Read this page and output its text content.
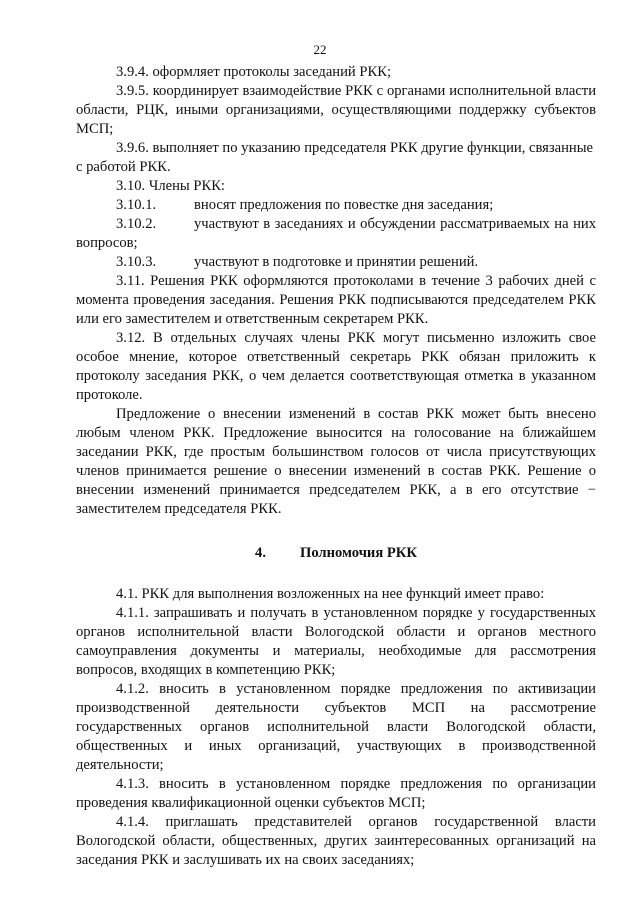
22

3.9.4. оформляет протоколы заседаний РКК;

3.9.5. координирует взаимодействие РКК с органами исполнительной власти области, РЦК, иными организациями, осуществляющими поддержку субъектов МСП;

3.9.6. выполняет по указанию председателя РКК другие функции, связанные с работой РКК.

3.10. Члены РКК:

3.10.1.	вносят предложения по повестке дня заседания;

3.10.2.	участвуют в заседаниях и обсуждении рассматриваемых на них вопросов;

3.10.3.	участвуют в подготовке и принятии решений.

3.11. Решения РКК оформляются протоколами в течение 3 рабочих дней с момента проведения заседания. Решения РКК подписываются председателем РКК или его заместителем и ответственным секретарем РКК.

3.12. В отдельных случаях члены РКК могут письменно изложить свое особое мнение, которое ответственный секретарь РКК обязан приложить к протоколу заседания РКК, о чем делается соответствующая отметка в указанном протоколе.

Предложение о внесении изменений в состав РКК может быть внесено любым членом РКК. Предложение выносится на голосование на ближайшем заседании РКК, где простым большинством голосов от числа присутствующих членов принимается решение о внесении изменений в состав РКК. Решение о внесении изменений принимается председателем РКК, а в его отсутствие − заместителем председателя РКК.

4. Полномочия РКК

4.1. РКК для выполнения возложенных на нее функций имеет право:

4.1.1. запрашивать и получать в установленном порядке у государственных органов исполнительной власти Вологодской области и органов местного самоуправления документы и материалы, необходимые для рассмотрения вопросов, входящих в компетенцию РКК;

4.1.2. вносить в установленном порядке предложения по активизации производственной деятельности субъектов МСП на рассмотрение государственных органов исполнительной власти Вологодской области, общественных и иных организаций, участвующих в производственной деятельности;

4.1.3. вносить в установленном порядке предложения по организации проведения квалификационной оценки субъектов МСП;

4.1.4. приглашать представителей органов государственной власти Вологодской области, общественных, других заинтересованных организаций на заседания РКК и заслушивать их на своих заседаниях;
